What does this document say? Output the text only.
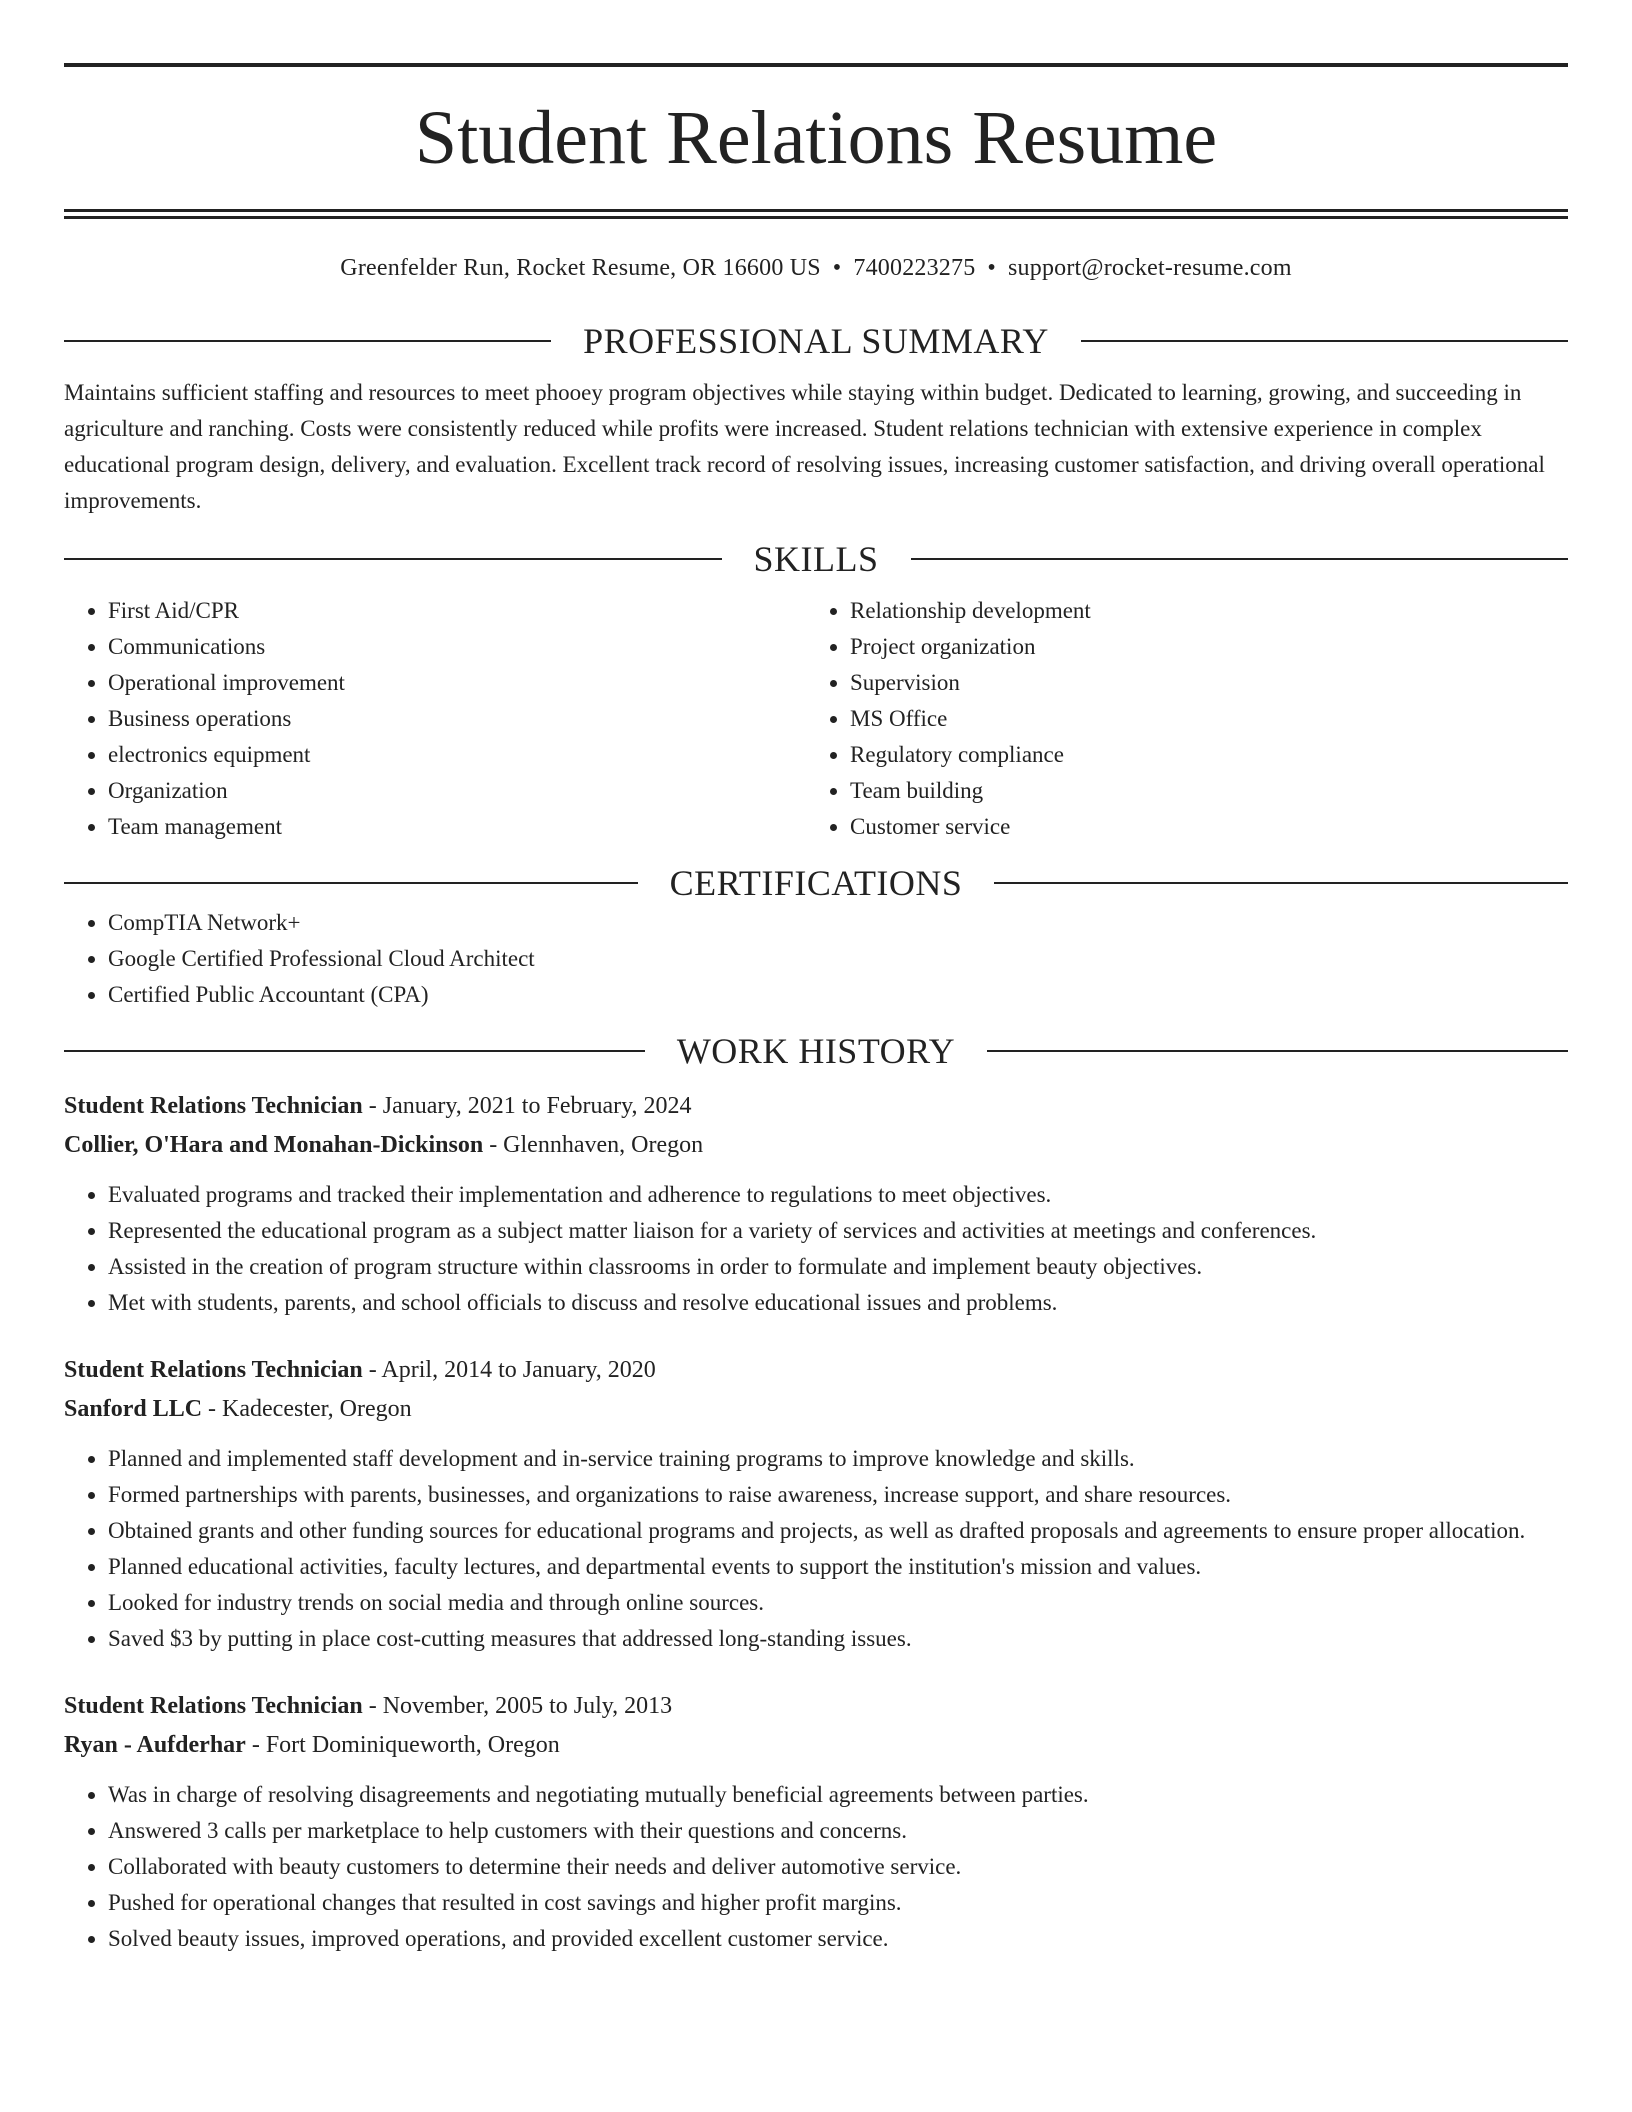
Student Relations Resume
Greenfelder Run, Rocket Resume, OR 16600 US • 7400223275 • support@rocket-resume.com
PROFESSIONAL SUMMARY
Maintains sufficient staffing and resources to meet phooey program objectives while staying within budget. Dedicated to learning, growing, and succeeding in agriculture and ranching. Costs were consistently reduced while profits were increased. Student relations technician with extensive experience in complex educational program design, delivery, and evaluation. Excellent track record of resolving issues, increasing customer satisfaction, and driving overall operational improvements.
SKILLS
• First Aid/CPR
• Communications
• Operational improvement
• Business operations
• electronics equipment
• Organization
• Team management
• Relationship development
• Project organization
• Supervision
• MS Office
• Regulatory compliance
• Team building
• Customer service
CERTIFICATIONS
• CompTIA Network+
• Google Certified Professional Cloud Architect
• Certified Public Accountant (CPA)
WORK HISTORY
Student Relations Technician - January, 2021 to February, 2024
Collier, O'Hara and Monahan-Dickinson - Glennhaven, Oregon
• Evaluated programs and tracked their implementation and adherence to regulations to meet objectives.
• Represented the educational program as a subject matter liaison for a variety of services and activities at meetings and conferences.
• Assisted in the creation of program structure within classrooms in order to formulate and implement beauty objectives.
• Met with students, parents, and school officials to discuss and resolve educational issues and problems.
Student Relations Technician - April, 2014 to January, 2020
Sanford LLC - Kadecester, Oregon
• Planned and implemented staff development and in-service training programs to improve knowledge and skills.
• Formed partnerships with parents, businesses, and organizations to raise awareness, increase support, and share resources.
• Obtained grants and other funding sources for educational programs and projects, as well as drafted proposals and agreements to ensure proper allocation.
• Planned educational activities, faculty lectures, and departmental events to support the institution's mission and values.
• Looked for industry trends on social media and through online sources.
• Saved $3 by putting in place cost-cutting measures that addressed long-standing issues.
Student Relations Technician - November, 2005 to July, 2013
Ryan - Aufderhar - Fort Dominiqueworth, Oregon
• Was in charge of resolving disagreements and negotiating mutually beneficial agreements between parties.
• Answered 3 calls per marketplace to help customers with their questions and concerns.
• Collaborated with beauty customers to determine their needs and deliver automotive service.
• Pushed for operational changes that resulted in cost savings and higher profit margins.
• Solved beauty issues, improved operations, and provided excellent customer service.
